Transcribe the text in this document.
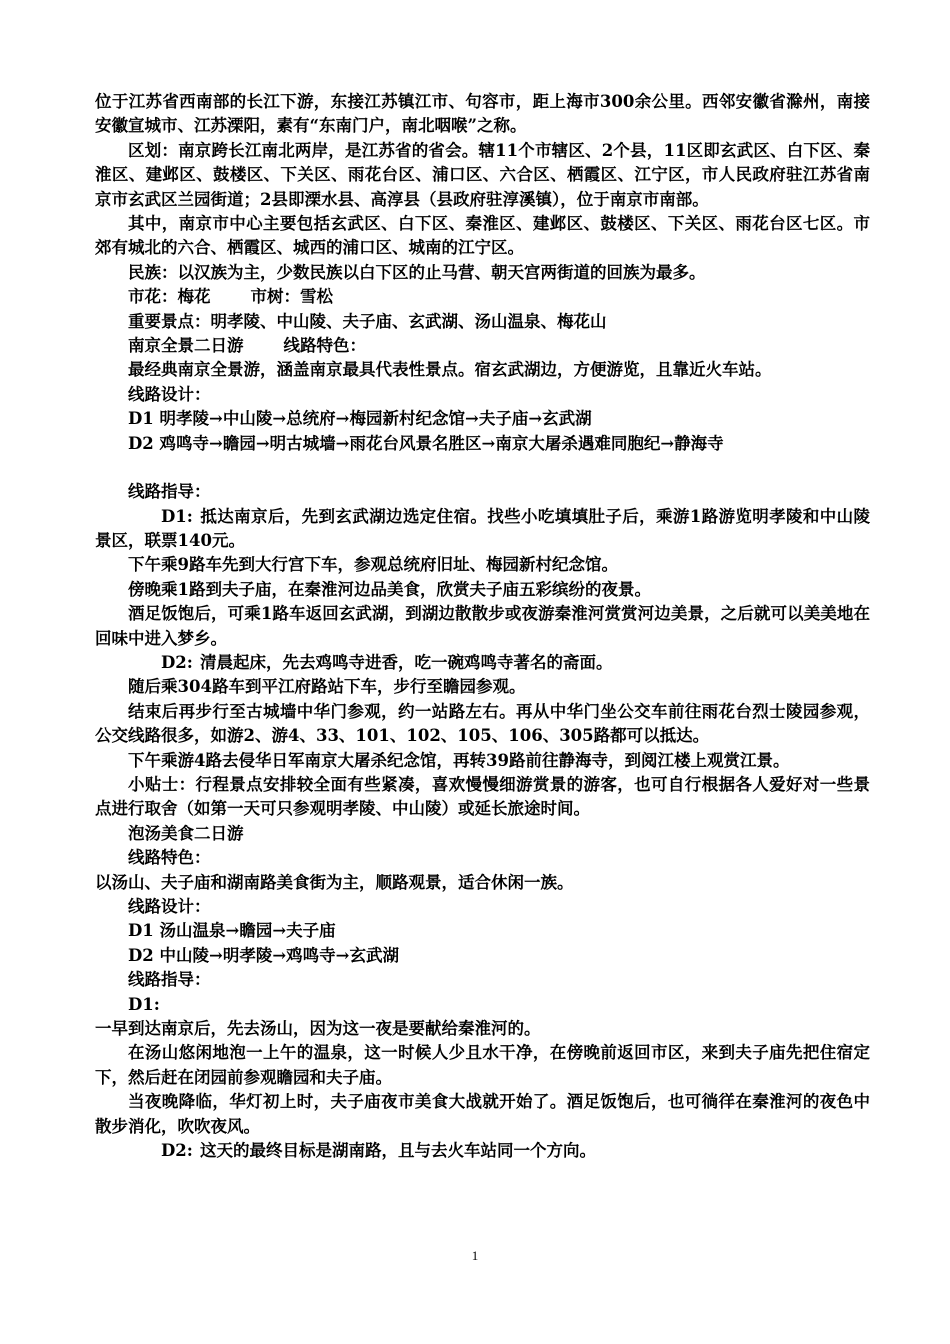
位于江苏省西南部的长江下游，东接江苏镇江市、句容市，距上海市300余公里。西邻安徽省滁州，南接安徽宣城市、江苏溧阳，素有“东南门户，南北咽喉”之称。

区划：南京跨长江南北两岸，是江苏省的省会。辖11个市辖区、2个县，11区即玄武区、白下区、秦淮区、建邺区、鼓楼区、下关区、雨花台区、浦口区、六合区、栖霞区、江宁区，市人民政府驻江苏省南京市玄武区兰园街道；2县即溧水县、高淳县（县政府驻淳溪镇），位于南京市南部。

其中，南京市中心主要包括玄武区、白下区、秦淮区、建邺区、鼓楼区、下关区、雨花台区七区。市郊有城北的六合、栖霞区、城西的浦口区、城南的江宁区。

民族：以汉族为主，少数民族以白下区的止马营、朝天宫两街道的回族为最多。

市花：梅花 市树：雪松

重要景点：明孝陵、中山陵、夫子庙、玄武湖、汤山温泉、梅花山

南京全景二日游 线路特色：

最经典南京全景游，涵盖南京最具代表性景点。宿玄武湖边，方便游览，且靠近火车站。

线路设计：

D1 明孝陵→中山陵→总统府→梅园新村纪念馆→夫子庙→玄武湖

D2 鸡鸣寺→瞻园→明古城墙→雨花台风景名胜区→南京大屠杀遇难同胞纪→静海寺

线路指导：

D1: 抵达南京后，先到玄武湖边选定住宿。找些小吃填填肚子后，乘游1路游览明孝陵和中山陵景区，联票140元。

下午乘9路车先到大行宫下车，参观总统府旧址、梅园新村纪念馆。

傍晚乘1路到夫子庙，在秦淮河边品美食，欣赏夫子庙五彩缤纷的夜景。

酒足饭饱后，可乘1路车返回玄武湖，到湖边散散步或夜游秦淮河赏赏河边美景，之后就可以美美地在回味中进入梦乡。

D2: 清晨起床，先去鸡鸣寺进香，吃一碗鸡鸣寺著名的斋面。

随后乘304路车到平江府路站下车，步行至瞻园参观。

结束后再步行至古城墙中华门参观，约一站路左右。再从中华门坐公交车前往雨花台烈士陵园参观，公交线路很多，如游2、游4、33、101、102、105、106、305路都可以抵达。

下午乘游4路去侵华日军南京大屠杀纪念馆，再转39路前往静海寺，到阅江楼上观赏江景。

小贴士：行程景点安排较全面有些紧凑，喜欢慢慢细游赏景的游客，也可自行根据各人爱好对一些景点进行取舍（如第一天可只参观明孝陵、中山陵）或延长旅途时间。

泡汤美食二日游

线路特色：

以汤山、夫子庙和湖南路美食街为主，顺路观景，适合休闲一族。

线路设计：

D1 汤山温泉→瞻园→夫子庙

D2 中山陵→明孝陵→鸡鸣寺→玄武湖

线路指导：

D1:

一早到达南京后，先去汤山，因为这一夜是要献给秦淮河的。

在汤山悠闲地泡一上午的温泉，这一时候人少且水干净，在傍晚前返回市区，来到夫子庙先把住宿定下，然后赶在闭园前参观瞻园和夫子庙。

当夜晚降临，华灯初上时，夫子庙夜市美食大战就开始了。酒足饭饱后，也可徜徉在秦淮河的夜色中散步消化，吹吹夜风。

D2: 这天的最终目标是湖南路，且与去火车站同一个方向。

1
